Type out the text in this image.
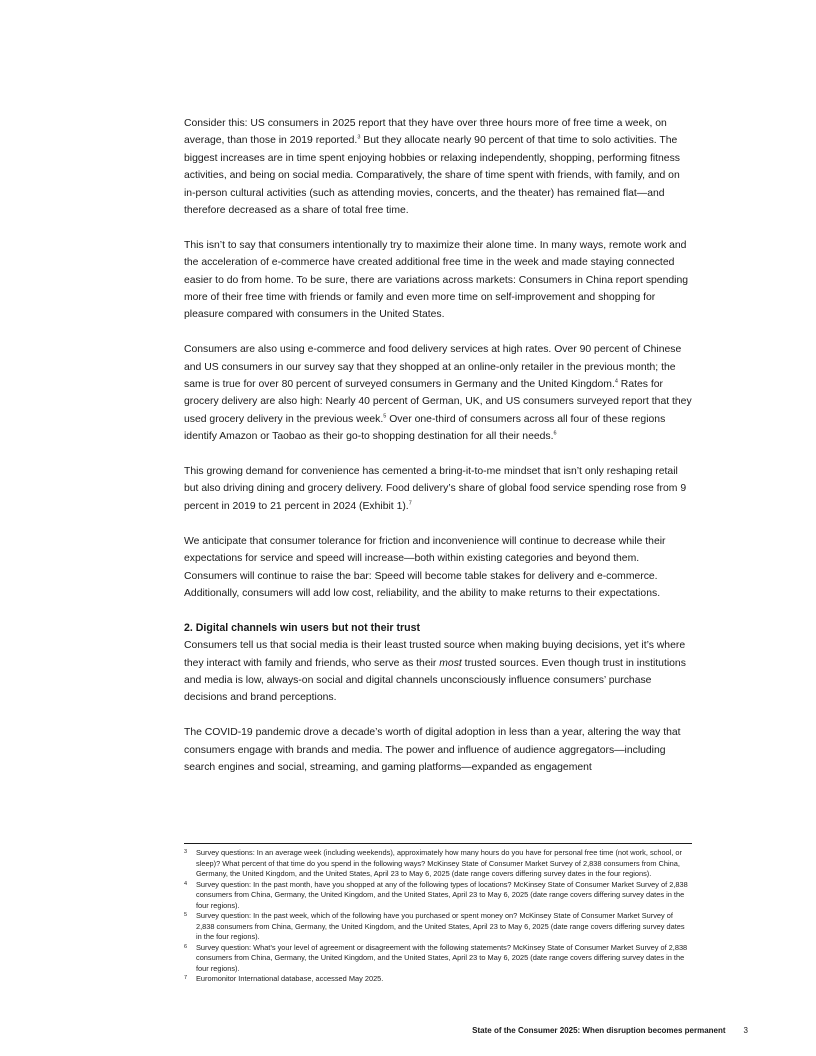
Consider this: US consumers in 2025 report that they have over three hours more of free time a week, on average, than those in 2019 reported.$^3$ But they allocate nearly 90 percent of that time to solo activities. The biggest increases are in time spent enjoying hobbies or relaxing independently, shopping, performing fitness activities, and being on social media. Comparatively, the share of time spent with friends, with family, and on in-person cultural activities (such as attending movies, concerts, and the theater) has remained flat—and therefore decreased as a share of total free time.

This isn’t to say that consumers intentionally try to maximize their alone time. In many ways, remote work and the acceleration of e-commerce have created additional free time in the week and made staying connected easier to do from home. To be sure, there are variations across markets: Consumers in China report spending more of their free time with friends or family and even more time on self-improvement and shopping for pleasure compared with consumers in the United States.

Consumers are also using e-commerce and food delivery services at high rates. Over 90 percent of Chinese and US consumers in our survey say that they shopped at an online-only retailer in the previous month; the same is true for over 80 percent of surveyed consumers in Germany and the United Kingdom.$^4$ Rates for grocery delivery are also high: Nearly 40 percent of German, UK, and US consumers surveyed report that they used grocery delivery in the previous week.$^5$ Over one-third of consumers across all four of these regions identify Amazon or Taobao as their go-to shopping destination for all their needs.$^6$

This growing demand for convenience has cemented a bring-it-to-me mindset that isn’t only reshaping retail but also driving dining and grocery delivery. Food delivery’s share of global food service spending rose from 9 percent in 2019 to 21 percent in 2024 (Exhibit 1).$^7$

We anticipate that consumer tolerance for friction and inconvenience will continue to decrease while their expectations for service and speed will increase—both within existing categories and beyond them. Consumers will continue to raise the bar: Speed will become table stakes for delivery and e-commerce. Additionally, consumers will add low cost, reliability, and the ability to make returns to their expectations.

2. Digital channels win users but not their trust

Consumers tell us that social media is their least trusted source when making buying decisions, yet it’s where they interact with family and friends, who serve as their most trusted sources. Even though trust in institutions and media is low, always-on social and digital channels unconsciously influence consumers’ purchase decisions and brand perceptions.

The COVID-19 pandemic drove a decade’s worth of digital adoption in less than a year, altering the way that consumers engage with brands and media. The power and influence of audience aggregators—including search engines and social, streaming, and gaming platforms—expanded as engagement

3 Survey questions: In an average week (including weekends), approximately how many hours do you have for personal free time (not work, school, or sleep)? What percent of that time do you spend in the following ways? McKinsey State of Consumer Market Survey of 2,838 consumers from China, Germany, the United Kingdom, and the United States, April 23 to May 6, 2025 (date range covers differing survey dates in the four regions).
4 Survey question: In the past month, have you shopped at any of the following types of locations? McKinsey State of Consumer Market Survey of 2,838 consumers from China, Germany, the United Kingdom, and the United States, April 23 to May 6, 2025 (date range covers differing survey dates in the four regions).
5 Survey question: In the past week, which of the following have you purchased or spent money on? McKinsey State of Consumer Market Survey of 2,838 consumers from China, Germany, the United Kingdom, and the United States, April 23 to May 6, 2025 (date range covers differing survey dates in the four regions).
6 Survey question: What’s your level of agreement or disagreement with the following statements? McKinsey State of Consumer Market Survey of 2,838 consumers from China, Germany, the United Kingdom, and the United States, April 23 to May 6, 2025 (date range covers differing survey dates in the four regions).
7 Euromonitor International database, accessed May 2025.
State of the Consumer 2025: When disruption becomes permanent 3
